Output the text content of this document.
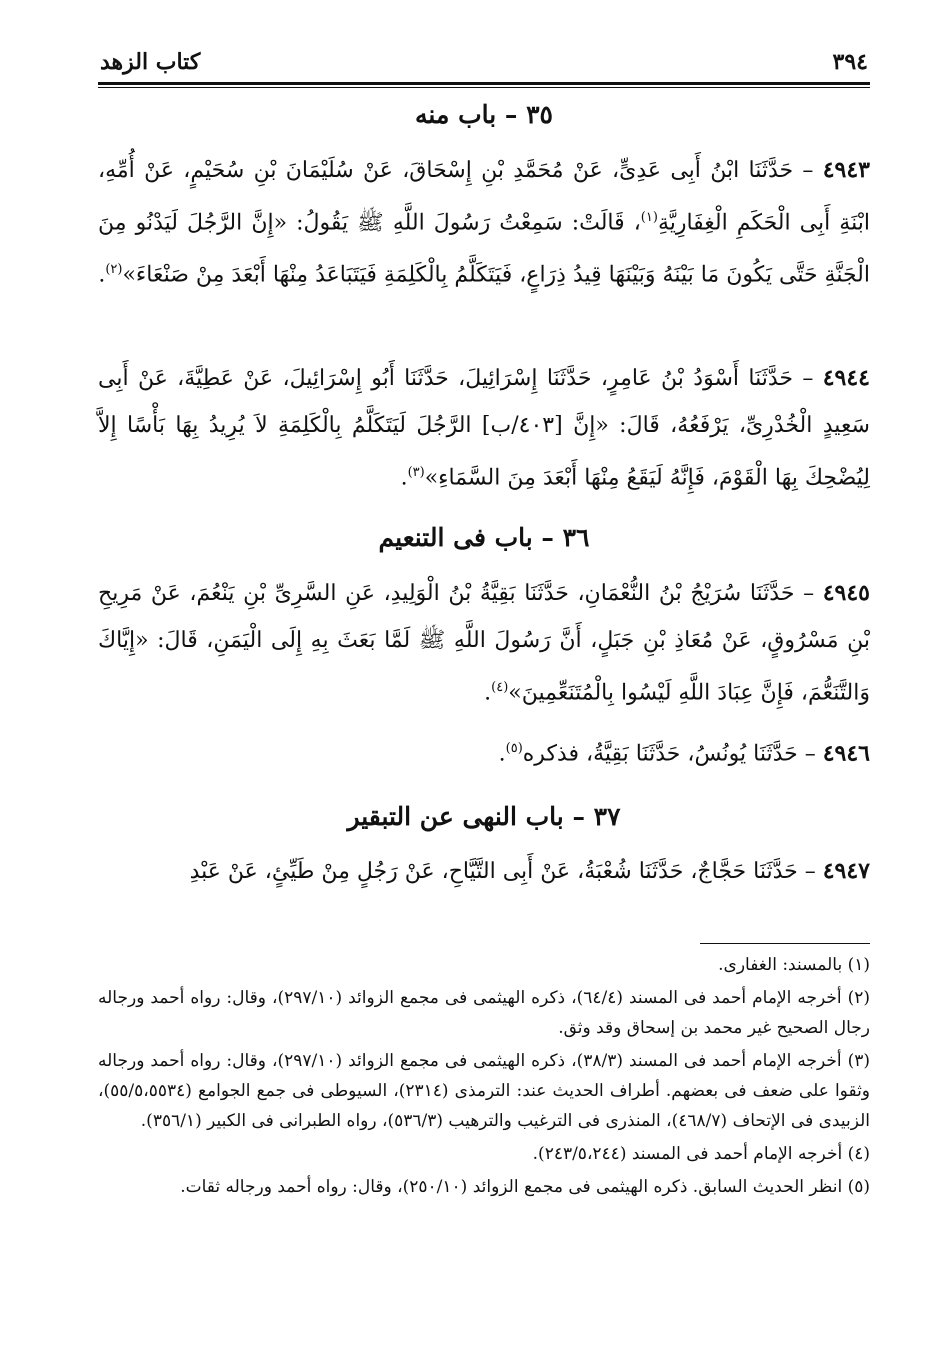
٣٩٤
كتاب الزهد
٣٥ – باب منه
٤٩٤٣ – حَدَّثَنَا ابْنُ أَبِى عَدِىٍّ، عَنْ مُحَمَّدِ بْنِ إِسْحَاقَ، عَنْ سُلَيْمَانَ بْنِ سُحَيْمٍ، عَنْ أُمِّهِ، ابْنَةِ أَبِى الْحَكَمِ الْغِفَارِيَّةِ$^{(١)}$، قَالَتْ: سَمِعْتُ رَسُولَ اللَّهِ ﷺ يَقُولُ: «إِنَّ الرَّجُلَ لَيَدْنُو مِنَ الْجَنَّةِ حَتَّى يَكُونَ مَا بَيْنَهُ وَبَيْنَهَا قِيدُ ذِرَاعٍ، فَيَتَكَلَّمُ بِالْكَلِمَةِ فَيَتَبَاعَدُ مِنْهَا أَبْعَدَ مِنْ صَنْعَاءَ»$^{(٢)}$.
٤٩٤٤ – حَدَّثَنَا أَسْوَدُ بْنُ عَامِرٍ، حَدَّثَنَا إِسْرَائِيلَ، حَدَّثَنَا أَبُو إِسْرَائِيلَ، عَنْ عَطِيَّةَ، عَنْ أَبِى سَعِيدٍ الْخُدْرِىِّ، يَرْفَعُهُ، قَالَ: «إِنَّ [٤٠٣/ب] الرَّجُلَ لَيَتَكَلَّمُ بِالْكَلِمَةِ لاَ يُرِيدُ بِهَا بَأْسًا إِلاَّ لِيُضْحِكَ بِهَا الْقَوْمَ، فَإِنَّهُ لَيَقَعُ مِنْهَا أَبْعَدَ مِنَ السَّمَاءِ»$^{(٣)}$.
٣٦ – باب فى التنعيم
٤٩٤٥ – حَدَّثَنَا سُرَيْجُ بْنُ النُّعْمَانِ، حَدَّثَنَا بَقِيَّةُ بْنُ الْوَلِيدِ، عَنِ السَّرِىِّ بْنِ يَنْعُمَ، عَنْ مَرِيحِ بْنِ مَسْرُوقٍ، عَنْ مُعَاذِ بْنِ جَبَلٍ، أَنَّ رَسُولَ اللَّهِ ﷺ لَمَّا بَعَثَ بِهِ إِلَى الْيَمَنِ، قَالَ: «إِيَّاكَ وَالتَّنَعُّمَ، فَإِنَّ عِبَادَ اللَّهِ لَيْسُوا بِالْمُتَنَعِّمِينَ»$^{(٤)}$.
٤٩٤٦ – حَدَّثَنَا يُونُسُ، حَدَّثَنَا بَقِيَّةُ، فذكره$^{(٥)}$.
٣٧ – باب النهى عن التبقير
٤٩٤٧ – حَدَّثَنَا حَجَّاجٌ، حَدَّثَنَا شُعْبَةُ، عَنْ أَبِى التَّيَّاحِ، عَنْ رَجُلٍ مِنْ طَيِّئٍ، عَنْ عَبْدِ

(١) بالمسند: الغفارى.

(٢) أخرجه الإمام أحمد فى المسند (٦٤/٤)، ذكره الهيثمى فى مجمع الزوائد (٢٩٧/١٠)، وقال: رواه أحمد ورجاله رجال الصحيح غير محمد بن إسحاق وقد وثق.

(٣) أخرجه الإمام أحمد فى المسند (٣٨/٣)، ذكره الهيثمى فى مجمع الزوائد (٢٩٧/١٠)، وقال: رواه أحمد ورجاله وثقوا على ضعف فى بعضهم. أطراف الحديث عند: الترمذى (٢٣١٤)، السيوطى فى جمع الجوامع (٥٥/٥،٥٥٣٤)، الزبيدى فى الإتحاف (٤٦٨/٧)، المنذرى فى الترغيب والترهيب (٥٣٦/٣)، رواه الطبرانى فى الكبير (٣٥٦/١).

(٤) أخرجه الإمام أحمد فى المسند (٢٤٣/٥،٢٤٤).

(٥) انظر الحديث السابق. ذكره الهيثمى فى مجمع الزوائد (٢٥٠/١٠)، وقال: رواه أحمد ورجاله ثقات.
